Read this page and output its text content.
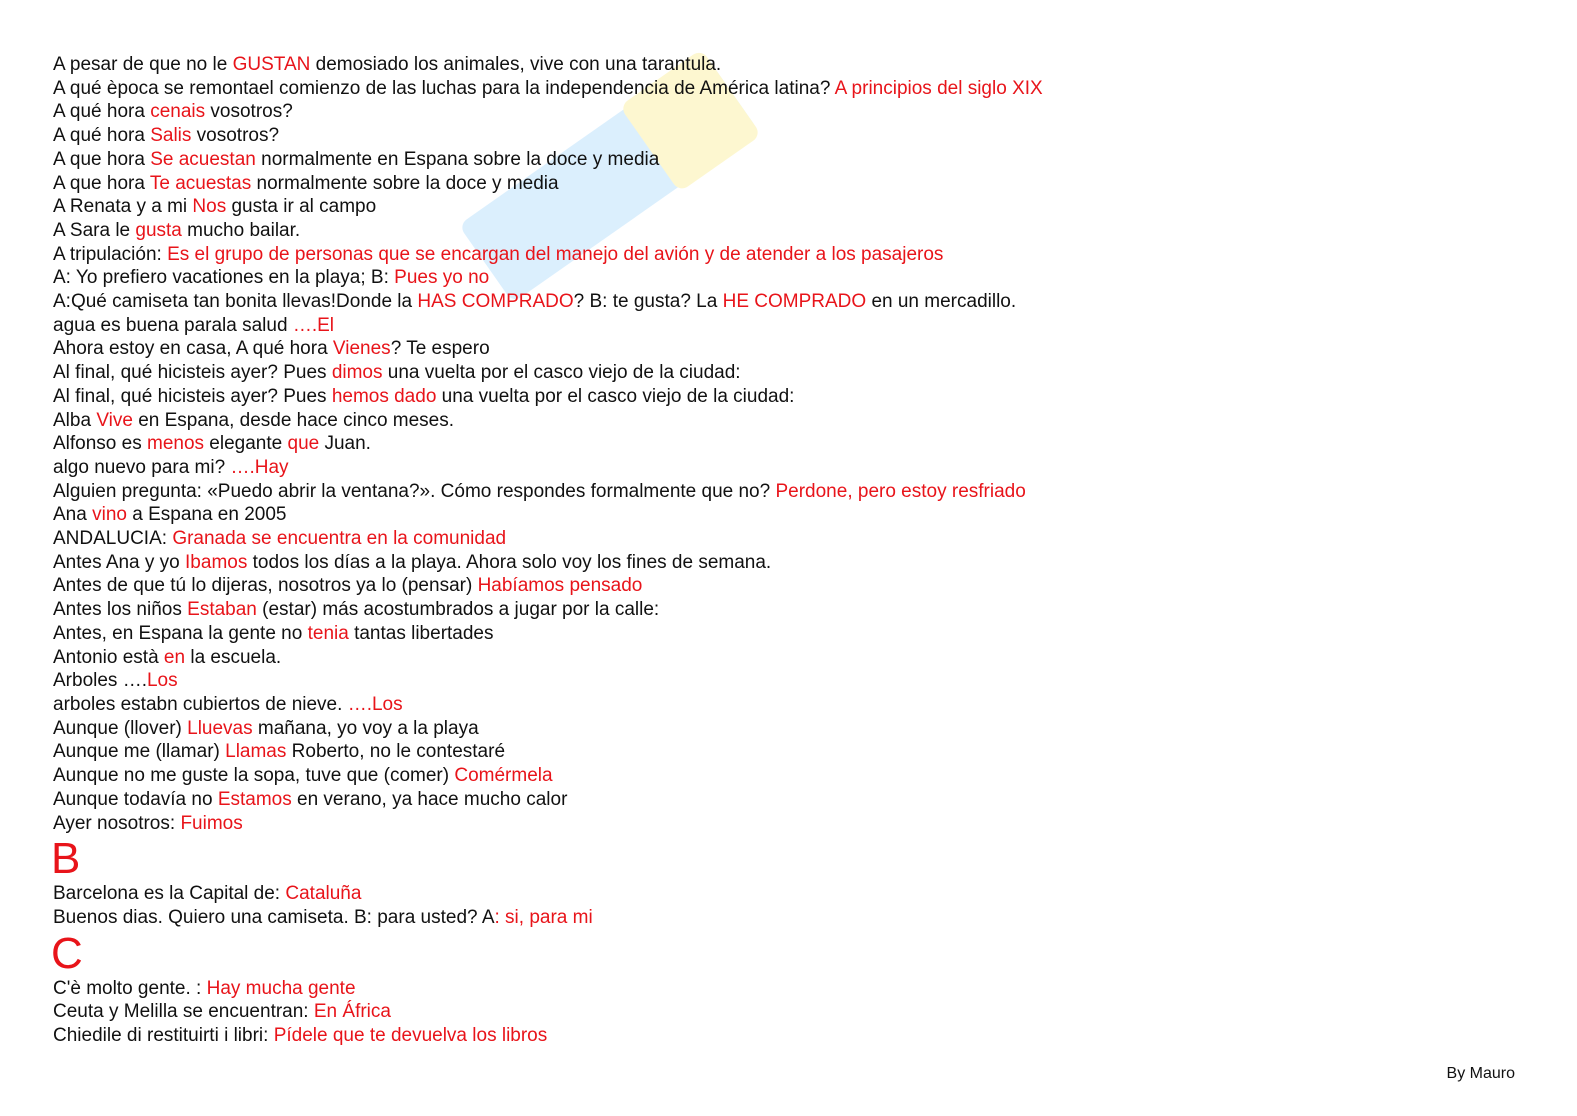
A pesar de que no le GUSTAN demosiado los animales, vive con una tarantula.
A qué època se remontael comienzo de las luchas para la independencia de América latina? A principios del siglo XIX
A qué hora cenais vosotros?
A qué hora Salis vosotros?
A que hora Se acuestan normalmente en Espana sobre la doce y media
A que hora Te acuestas normalmente sobre la doce y media
A Renata y a mi Nos gusta ir al campo
A Sara le gusta mucho bailar.
A tripulación: Es el grupo de personas que se encargan del manejo del avión y de atender a los pasajeros
A: Yo prefiero vacationes en la playa; B: Pues yo no
A:Qué camiseta tan bonita llevas!Donde la HAS COMPRADO? B: te gusta? La HE COMPRADO en un mercadillo.
agua es buena parala salud ….El
Ahora estoy en casa, A qué hora Vienes? Te espero
Al final, qué hicisteis ayer? Pues dimos una vuelta por el casco viejo de la ciudad:
Al final, qué hicisteis ayer? Pues hemos dado una vuelta por el casco viejo de la ciudad:
Alba Vive en Espana, desde hace cinco meses.
Alfonso es menos elegante que Juan.
algo nuevo para mi? ….Hay
Alguien pregunta: «Puedo abrir la ventana?». Cómo respondes formalmente que no? Perdone, pero estoy resfriado
Ana vino a Espana en 2005
ANDALUCIA: Granada se encuentra en la comunidad
Antes Ana y yo Ibamos todos los días a la playa. Ahora solo voy los fines de semana.
Antes de que tú lo dijeras, nosotros ya lo (pensar) Habíamos pensado
Antes los niños Estaban (estar) más acostumbrados a jugar por la calle:
Antes, en Espana la gente no tenia tantas libertades
Antonio està en la escuela.
Arboles ….Los
arboles estabn cubiertos de nieve. ….Los
Aunque (llover) Lluevas mañana, yo voy a la playa
Aunque me (llamar) Llamas Roberto, no le contestaré
Aunque no me guste la sopa, tuve que (comer) Comérmela
Aunque todavía no Estamos en verano, ya hace mucho calor
Ayer nosotros: Fuimos
B
Barcelona es la Capital de: Cataluña
Buenos dias. Quiero una camiseta. B: para usted? A: si, para mi
C
C'è molto gente. : Hay mucha gente
Ceuta y Melilla se encuentran: En África
Chiedile di restituirti i libri: Pídele que te devuelva los libros
By Mauro
